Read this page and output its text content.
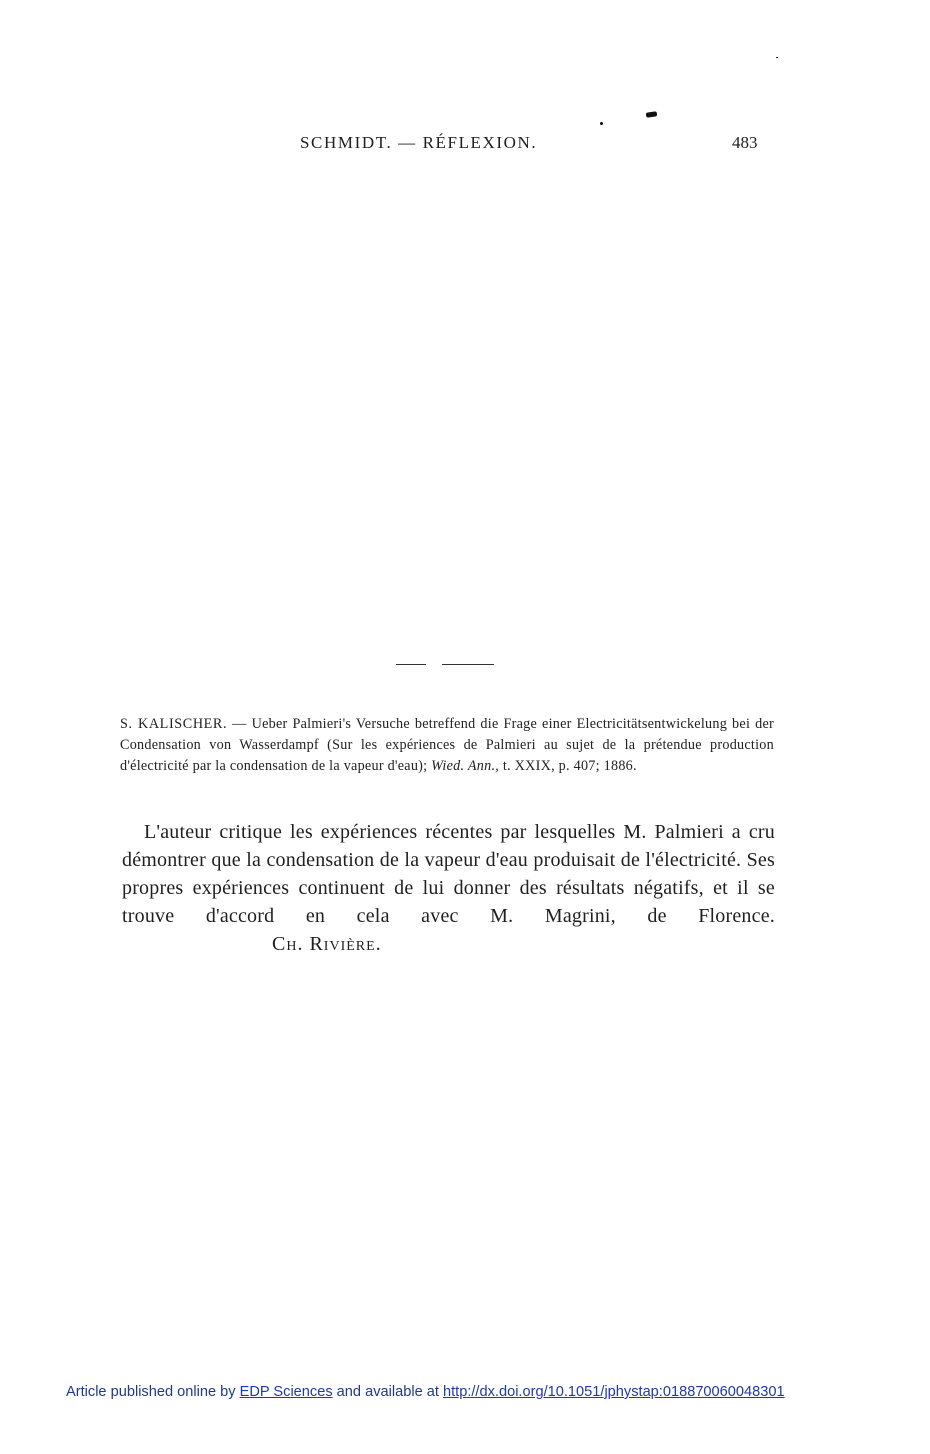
SCHMIDT. — RÉFLEXION.	483
S. KALISCHER. — Ueber Palmieri's Versuche betreffend die Frage einer Electricitätsentwickelung bei der Condensation von Wasserdampf (Sur les expériences de Palmieri au sujet de la prétendue production d'électricité par la condensation de la vapeur d'eau); Wied. Ann., t. XXIX, p. 407; 1886.
L'auteur critique les expériences récentes par lesquelles M. Palmieri a cru démontrer que la condensation de la vapeur d'eau produisait de l'électricité. Ses propres expériences continuent de lui donner des résultats négatifs, et il se trouve d'accord en cela avec M. Magrini, de Florence.Ch. Rivière.
Article published online by EDP Sciences and available at http://dx.doi.org/10.1051/jphystap:018870060048301
